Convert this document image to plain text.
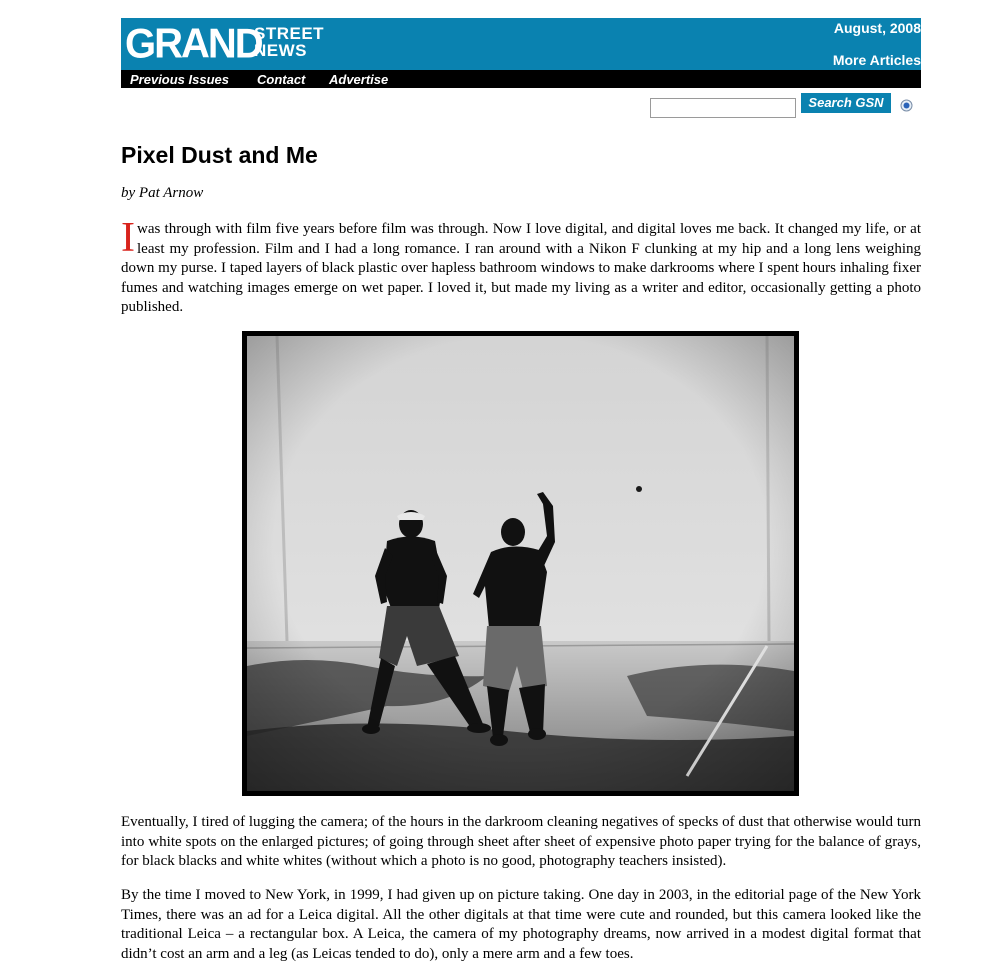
GRAND
STREET
NEWS
August, 2008
More Articles
Previous Issues Contact Advertise
Search GSN
Pixel Dust and Me
by Pat Arnow

I was through with film five years before film was through. Now I love digital, and digital loves me back. It changed my life, or at least my profession. Film and I had a long romance. I ran around with a Nikon F clunking at my hip and a long lens weighing down my purse. I taped layers of black plastic over hapless bathroom windows to make darkrooms where I spent hours inhaling fixer fumes and watching images emerge on wet paper. I loved it, but made my living as a writer and editor, occasionally getting a photo published.

Eventually, I tired of lugging the camera; of the hours in the darkroom cleaning negatives of specks of dust that otherwise would turn into white spots on the enlarged pictures; of going through sheet after sheet of expensive photo paper trying for the balance of grays, for black blacks and white whites (without which a photo is no good, photography teachers insisted).

By the time I moved to New York, in 1999, I had given up on picture taking. One day in 2003, in the editorial page of the New York Times, there was an ad for a Leica digital. All the other digitals at that time were cute and rounded, but this camera looked like the traditional Leica – a rectangular box. A Leica, the camera of my photography dreams, now arrived in a modest digital format that didn’t cost an arm and a leg (as Leicas tended to do), only a mere arm and a few toes.
